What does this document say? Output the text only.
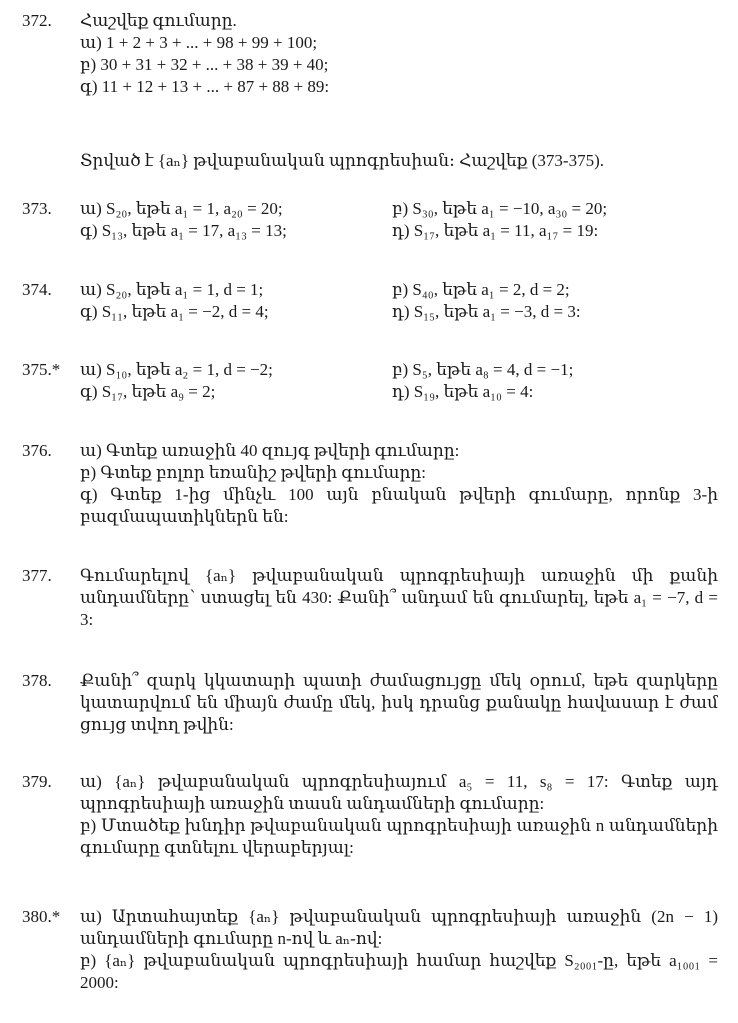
372.	Հաշվեք գումարը.
ա) 1 + 2 + 3 + ... + 98 + 99 + 100;
բ) 30 + 31 + 32 + ... + 38 + 39 + 40;
գ) 11 + 12 + 13 + ... + 87 + 88 + 89:
Տրված է {aₙ} թվաբանական պրոգրեսիան։ Հաշվեք (373-375).
373.	ա) S₂₀, եթե a₁ = 1, a₂₀ = 20;	բ) S₃₀, եթե a₁ = −10, a₃₀ = 20;
գ) S₁₃, եթե a₁ = 17, a₁₃ = 13;	դ) S₁₇, եթե a₁ = 11, a₁₇ = 19:
374.	ա) S₂₀, եթե a₁ = 1, d = 1;	բ) S₄₀, եթե a₁ = 2, d = 2;
գ) S₁₁, եթե a₁ = −2, d = 4;	դ) S₁₅, եթե a₁ = −3, d = 3:
375.*	ա) S₁₀, եթե a₂ = 1, d = −2;	բ) S₅, եթե a₈ = 4, d = −1;
գ) S₁₇, եթե a₉ = 2;	դ) S₁₉, եթե a₁₀ = 4:
376.	ա) Գտեք առաջին 40 զույգ թվերի գումարը:
բ) Գտեք բոլոր եռանիշ թվերի գումարը:
գ) Գտեք 1-ից մինչև 100 այն բնական թվերի գումարը, որոնք 3-ի բազմապատիկներն են:
377.	Գումարելով {aₙ} թվաբանական պրոգրեսիայի առաջին մի քանի անդամները՝ ստացել են 430: Քանի՞ անդամ են գումարել, եթե a₁ = −7, d = 3:
378.	Քանի՞ զարկ կկատարի պատի ժամացույցը մեկ օրում, եթե զարկերը կատարվում են միայն ժամը մեկ, իսկ դրանց քանակը հավասար է ժամ ցույց տվող թվին:
379.	ա) {aₙ} թվաբանական պրոգրեսիայում a₅ = 11, s₈ = 17: Գտեք այդ պրոգրեսիայի առաջին տասն անդամների գումարը:
բ) Մտածեք խնդիր թվաբանական պրոգրեսիայի առաջին n անդամների գումարը գտնելու վերաբերյալ:
380.*	ա) Արտահայտեք {aₙ} թվաբանական պրոգրեսիայի առաջին (2n − 1) անդամների գումարը n-ով և aₙ-ով:
բ) {aₙ} թվաբանական պրոգրեսիայի համար հաշվեք S₂₀₀₁-ը, եթե a₁₀₀₁ = 2000:
